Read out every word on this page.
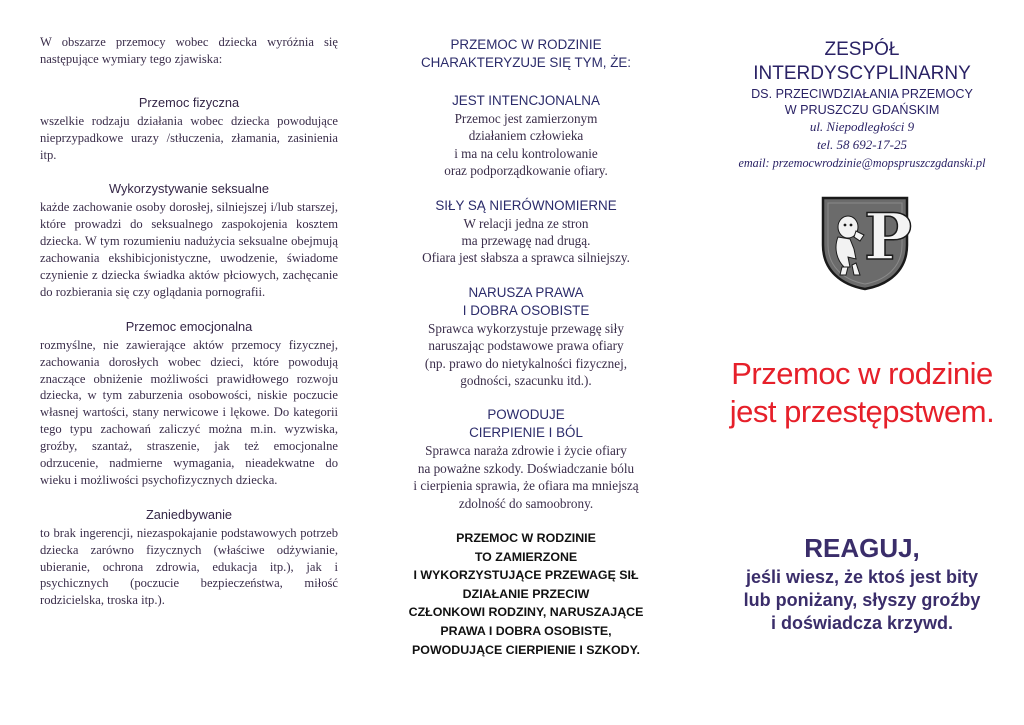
W obszarze przemocy wobec dziecka wyróżnia się następujące wymiary tego zjawiska:

Przemoc fizyczna

wszelkie rodzaju działania wobec dziecka powodujące nieprzypadkowe urazy /stłuczenia, złamania, zasinienia itp.

Wykorzystywanie seksualne

każde zachowanie osoby dorosłej, silniejszej i/lub starszej, które prowadzi do seksualnego zaspokojenia kosztem dziecka. W tym rozumieniu nadużycia seksualne obejmują zachowania ekshibicjonistyczne, uwodzenie, świadome czynienie z dziecka świadka aktów płciowych, zachęcanie do rozbierania się czy oglądania pornografii.

Przemoc emocjonalna

rozmyślne, nie zawierające aktów przemocy fizycznej, zachowania dorosłych wobec dzieci, które powodują znaczące obniżenie możliwości prawidłowego rozwoju dziecka, w tym zaburzenia osobowości, niskie poczucie własnej wartości, stany nerwicowe i lękowe. Do kategorii tego typu zachowań zaliczyć można m.in. wyzwiska, groźby, szantaż, straszenie, jak też emocjonalne odrzucenie, nadmierne wymagania, nieadekwatne do wieku i możliwości psychofizycznych dziecka.

Zaniedbywanie

to brak ingerencji, niezaspokajanie podstawowych potrzeb dziecka zarówno fizycznych (właściwe odżywianie, ubieranie, ochrona zdrowia, edukacja itp.), jak i psychicznych (poczucie bezpieczeństwa, miłość rodzicielska, troska itp.).

PRZEMOC W RODZINIE
CHARAKTERYZUJE SIĘ TYM, ŻE:

JEST INTENCJONALNA

Przemoc jest zamierzonym
działaniem człowieka
i ma na celu kontrolowanie
oraz podporządkowanie ofiary.

SIŁY SĄ NIERÓWNOMIERNE

W relacji jedna ze stron
ma przewagę nad drugą.
Ofiara jest słabsza a sprawca silniejszy.

NARUSZA PRAWA
I DOBRA OSOBISTE

Sprawca wykorzystuje przewagę siły
naruszając podstawowe prawa ofiary
(np. prawo do nietykalności fizycznej,
godności, szacunku itd.).

POWODUJE
CIERPIENIE I BÓL

Sprawca naraża zdrowie i życie ofiary
na poważne szkody. Doświadczanie bólu
i cierpienia sprawia, że ofiara ma mniejszą
zdolność do samoobrony.

PRZEMOC W RODZINIE
TO ZAMIERZONE
I WYKORZYSTUJĄCE PRZEWAGĘ SIŁ
DZIAŁANIE PRZECIW
CZŁONKOWI RODZINY, NARUSZAJĄCE
PRAWA I DOBRA OSOBISTE,
POWODUJĄCE CIERPIENIE I SZKODY.

ZESPÓŁ
INTERDYSCYPLINARNY

DS. PRZECIWDZIAŁANIA PRZEMOCY
W PRUSZCZU GDAŃSKIM

ul. Niepodległości 9

tel. 58 692-17-25

email: przemocwrodzinie@mopspruszczgdanski.pl

P
Przemoc w rodzinie
jest przestępstwem.

REAGUJ,

jeśli wiesz, że ktoś jest bity
lub poniżany, słyszy groźby
i doświadcza krzywd.
